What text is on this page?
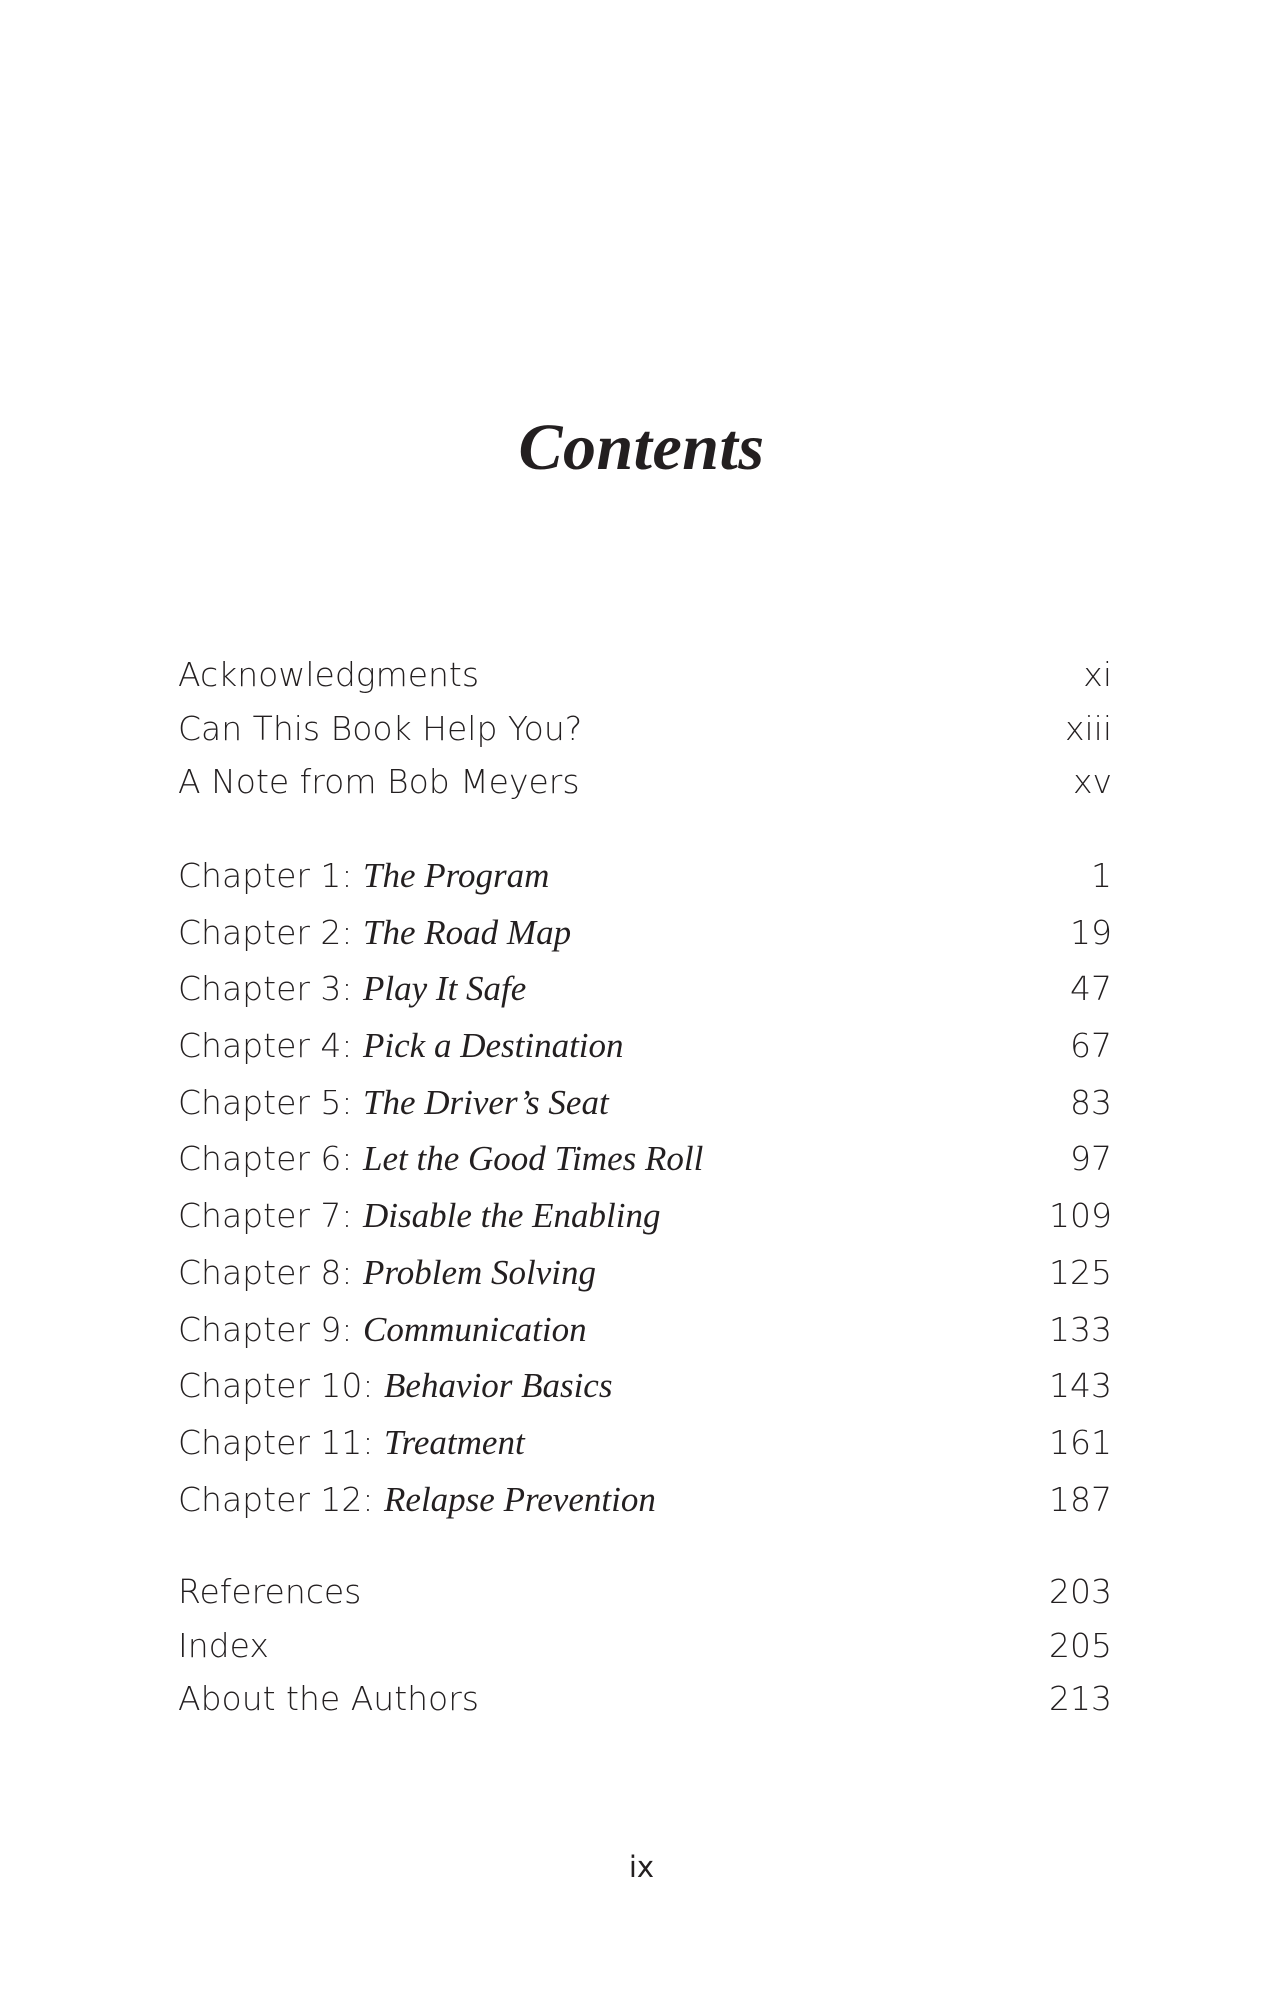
Contents
Acknowledgments	xi
Can This Book Help You?	xiii
A Note from Bob Meyers	xv
Chapter 1: The Program	1
Chapter 2: The Road Map	19
Chapter 3: Play It Safe	47
Chapter 4: Pick a Destination	67
Chapter 5: The Driver’s Seat	83
Chapter 6: Let the Good Times Roll	97
Chapter 7: Disable the Enabling	109
Chapter 8: Problem Solving	125
Chapter 9: Communication	133
Chapter 10: Behavior Basics	143
Chapter 11: Treatment	161
Chapter 12: Relapse Prevention	187
References	203
Index	205
About the Authors	213
ix
